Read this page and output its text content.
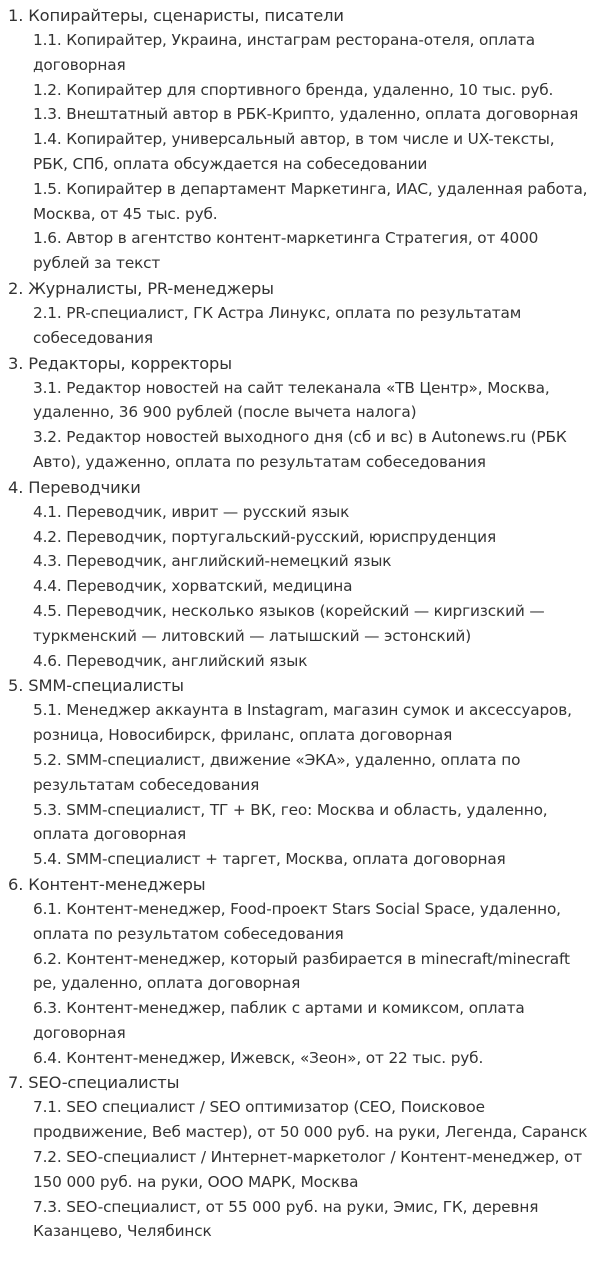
1. Копирайтеры, сценаристы, писатели
1.1. Копирайтер, Украина, инстаграм ресторана-отеля, оплата договорная
1.2. Копирайтер для спортивного бренда, удаленно, 10 тыс. руб.
1.3. Внештатный автор в РБК-Крипто, удаленно, оплата договорная
1.4. Копирайтер, универсальный автор, в том числе и UX-тексты, РБК, СПб, оплата обсуждается на собеседовании
1.5. Копирайтер в департамент Маркетинга, ИАС, удаленная работа, Москва, от 45 тыс. руб.
1.6. Автор в агентство контент-маркетинга Стратегия, от 4000 рублей за текст
2. Журналисты, PR-менеджеры
2.1. PR-специалист, ГК Астра Линукс, оплата по результатам собеседования
3. Редакторы, корректоры
3.1. Редактор новостей на сайт телеканала «ТВ Центр», Москва, удаленно, 36 900 рублей (после вычета налога)
3.2. Редактор новостей выходного дня (сб и вс) в Autonews.ru (РБК Авто), удаженно, оплата по результатам собеседования
4. Переводчики
4.1. Переводчик, иврит — русский язык
4.2. Переводчик, португальский-русский, юриспруденция
4.3. Переводчик, английский-немецкий язык
4.4. Переводчик, хорватский, медицина
4.5. Переводчик, несколько языков (корейский — киргизский — туркменский — литовский — латышский — эстонский)
4.6. Переводчик, английский язык
5. SMM-специалисты
5.1. Менеджер аккаунта в Instagram, магазин сумок и аксессуаров, розница, Новосибирск, фриланс, оплата договорная
5.2. SMM-специалист, движение «ЭКА», удаленно, оплата по результатам собеседования
5.3. SMM-специалист, ТГ + ВК, гео: Москва и область, удаленно, оплата договорная
5.4. SMM-специалист + таргет, Москва, оплата договорная
6. Контент-менеджеры
6.1. Контент-менеджер, Food-проект Stars Social Space, удаленно, оплата по результатом собеседования
6.2. Контент-менеджер, который разбирается в minecraft/minecraft pe, удаленно, оплата договорная
6.3. Контент-менеджер, паблик с артами и комиксом, оплата договорная
6.4. Контент-менеджер, Ижевск, «Зеон», от 22 тыс. руб.
7. SEO-специалисты
7.1. SEO специалист / SEO оптимизатор (СЕО, Поисковое продвижение, Веб мастер), от 50 000 руб. на руки, Легенда, Саранск
7.2. SEO-специалист / Интернет-маркетолог / Контент-менеджер, от 150 000 руб. на руки, ООО МАРК, Москва
7.3. SEO-специалист, от 55 000 руб. на руки, Эмис, ГК, деревня Казанцево, Челябинск
